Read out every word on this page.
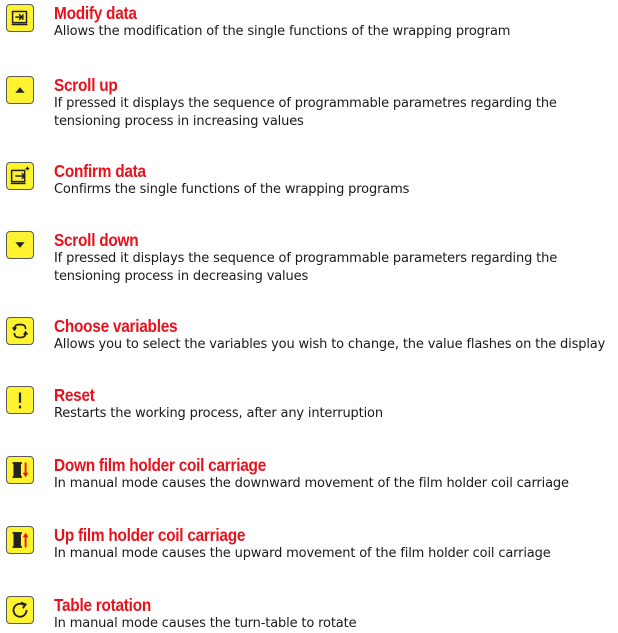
Modify data
Allows the modification of the single functions of the wrapping program
Scroll up
If pressed it displays the sequence of programmable parametres regarding the tensioning process in increasing values
Confirm data
Confirms the single functions of the wrapping programs
Scroll down
If pressed it displays the sequence of programmable parameters regarding the tensioning process in decreasing values
Choose variables
Allows you to select the variables you wish to change, the value flashes on the display
Reset
Restarts the working process, after any interruption
Down film holder coil carriage
In manual mode causes the downward movement of the film holder coil carriage
Up film holder coil carriage
In manual mode causes the upward movement of the film holder coil carriage
Table rotation
In manual mode causes the turn-table to rotate
